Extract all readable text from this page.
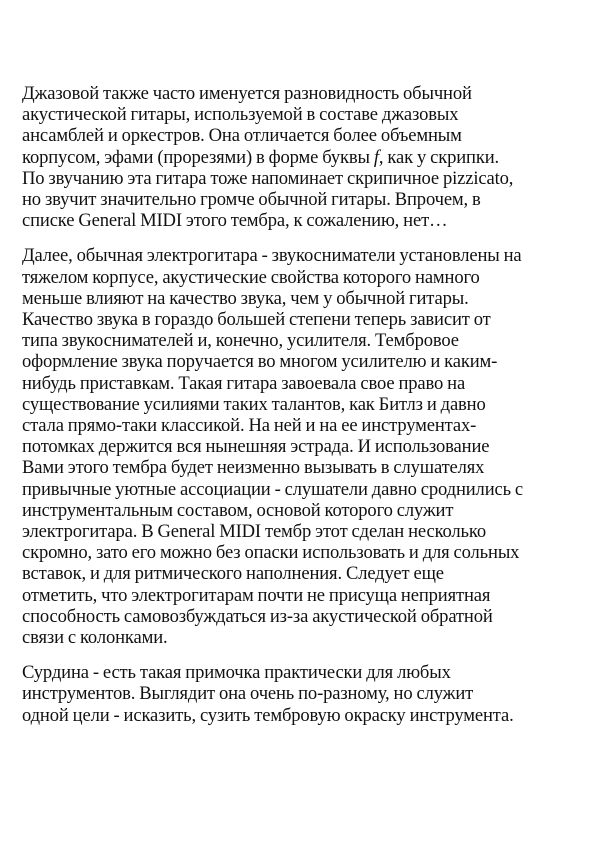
Джазовой также часто именуется разновидность обычной
акустической гитары, используемой в составе джазовых
ансамблей и оркестров. Она отличается более объемным
корпусом, эфами (прорезями) в форме буквы f, как у скрипки.
По звучанию эта гитара тоже напоминает скрипичное pizzicato,
но звучит значительно громче обычной гитары. Впрочем, в
списке General MIDI этого тембра, к сожалению, нет…

Далее, обычная электрогитара - звукосниматели установлены на
тяжелом корпусе, акустические свойства которого намного
меньше влияют на качество звука, чем у обычной гитары.
Качество звука в гораздо большей степени теперь зависит от
типа звукоснимателей и, конечно, усилителя. Тембровое
оформление звука поручается во многом усилителю и каким-
нибудь приставкам. Такая гитара завоевала свое право на
существование усилиями таких талантов, как Битлз и давно
стала прямо-таки классикой. На ней и на ее инструментах-
потомках держится вся нынешняя эстрада. И использование
Вами этого тембра будет неизменно вызывать в слушателях
привычные уютные ассоциации - слушатели давно сроднились с
инструментальным составом, основой которого служит
электрогитара. В General MIDI тембр этот сделан несколько
скромно, зато его можно без опаски использовать и для сольных
вставок, и для ритмического наполнения. Следует еще
отметить, что электрогитарам почти не присуща неприятная
способность самовозбуждаться из-за акустической обратной
связи с колонками.

Сурдина - есть такая примочка практически для любых
инструментов. Выглядит она очень по-разному, но служит
одной цели - исказить, сузить тембровую окраску инструмента.
